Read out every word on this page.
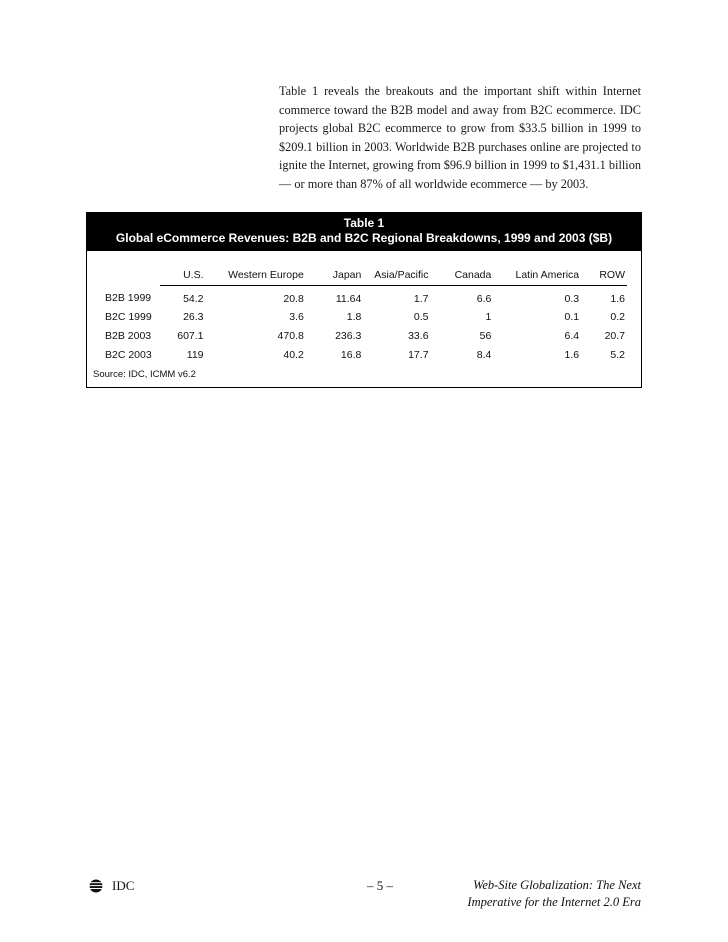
Table 1 reveals the breakouts and the important shift within Internet commerce toward the B2B model and away from B2C ecommerce. IDC projects global B2C ecommerce to grow from $33.5 billion in 1999 to $209.1 billion in 2003. Worldwide B2B purchases online are projected to ignite the Internet, growing from $96.9 billion in 1999 to $1,431.1 billion — or more than 87% of all worldwide ecommerce — by 2003.
Table 1
Global eCommerce Revenues: B2B and B2C Regional Breakdowns, 1999 and 2003 ($B)
	U.S.	Western Europe	Japan	Asia/Pacific	Canada	Latin America	ROW
B2B 1999	54.2	20.8	11.64	1.7	6.6	0.3	1.6
B2C 1999	26.3	3.6	1.8	0.5	1	0.1	0.2
B2B 2003	607.1	470.8	236.3	33.6	56	6.4	20.7
B2C 2003	119	40.2	16.8	17.7	8.4	1.6	5.2
Source: IDC, ICMM v6.2
IDC	– 5 –	Web-Site Globalization: The Next
Imperative for the Internet 2.0 Era
